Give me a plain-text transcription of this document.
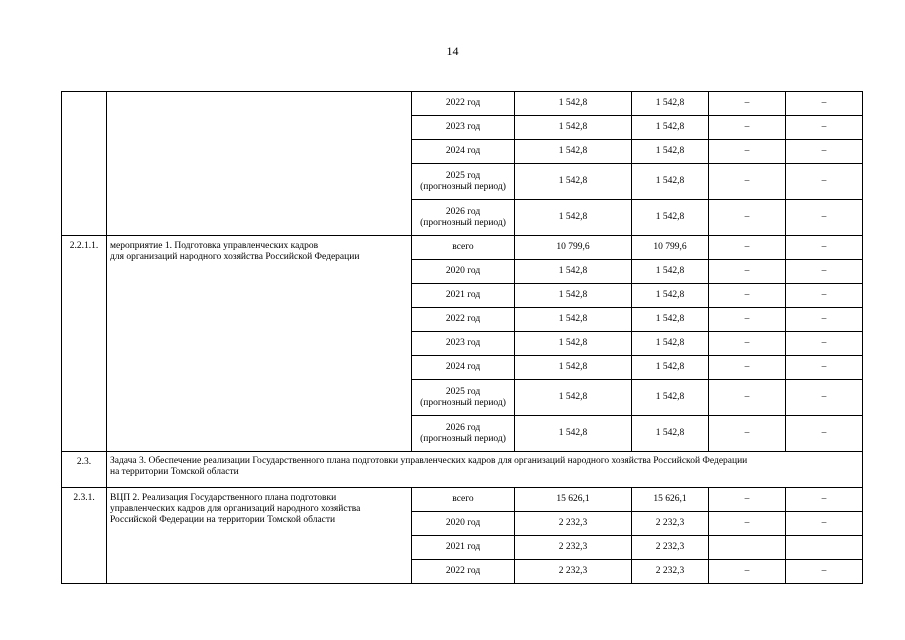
14
		2022 год	1 542,8	1 542,8	–	–
		2023 год	1 542,8	1 542,8	–	–
		2024 год	1 542,8	1 542,8	–	–

		2025 год
(прогнозный период)	1 542,8	1 542,8	–	–

		2026 год
(прогнозный период)	1 542,8	1 542,8	–	–
2.2.1.1.	мероприятие 1. Подготовка управленческих кадров
для организаций народного хозяйства Российской Федерации	всего	10 799,6	10 799,6	–	–
		2020 год	1 542,8	1 542,8	–	–
		2021 год	1 542,8	1 542,8	–	–
		2022 год	1 542,8	1 542,8	–	–
		2023 год	1 542,8	1 542,8	–	–
		2024 год	1 542,8	1 542,8	–	–

		2025 год
(прогнозный период)	1 542,8	1 542,8	–	–

		2026 год
(прогнозный период)	1 542,8	1 542,8	–	–
2.3.	Задача 3. Обеспечение реализации Государственного плана подготовки управленческих кадров для организаций народного хозяйства Российской Федерации
на территории Томской области					

2.3.1.	ВЦП 2. Реализация Государственного плана подготовки
управленческих кадров для организаций народного хозяйства
Российской Федерации на территории Томской области	всего	15 626,1	15 626,1	–	–
		2020 год	2 232,3	2 232,3	–	–
		2021 год	2 232,3	2 232,3		
		2022 год	2 232,3	2 232,3	–	–
